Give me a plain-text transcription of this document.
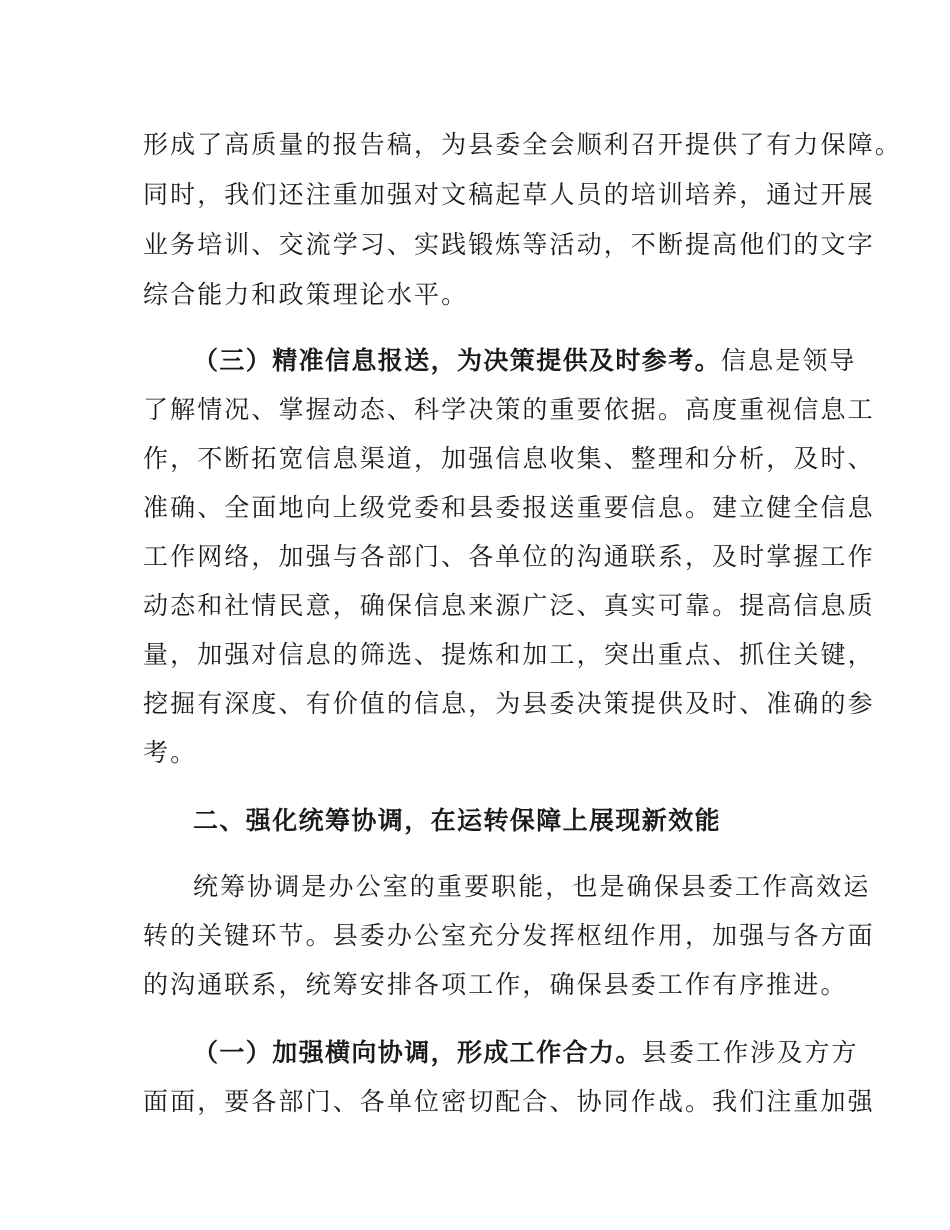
形成了高质量的报告稿，为县委全会顺利召开提供了有力保障。
同时，我们还注重加强对文稿起草人员的培训培养，通过开展
业务培训、交流学习、实践锻炼等活动，不断提高他们的文字
综合能力和政策理论水平。
（三）精准信息报送，为决策提供及时参考。信息是领导
了解情况、掌握动态、科学决策的重要依据。高度重视信息工
作，不断拓宽信息渠道，加强信息收集、整理和分析，及时、
准确、全面地向上级党委和县委报送重要信息。建立健全信息
工作网络，加强与各部门、各单位的沟通联系，及时掌握工作
动态和社情民意，确保信息来源广泛、真实可靠。提高信息质
量，加强对信息的筛选、提炼和加工，突出重点、抓住关键，
挖掘有深度、有价值的信息，为县委决策提供及时、准确的参
考。
二、强化统筹协调，在运转保障上展现新效能
统筹协调是办公室的重要职能，也是确保县委工作高效运
转的关键环节。县委办公室充分发挥枢纽作用，加强与各方面
的沟通联系，统筹安排各项工作，确保县委工作有序推进。
（一）加强横向协调，形成工作合力。县委工作涉及方方
面面，要各部门、各单位密切配合、协同作战。我们注重加强
